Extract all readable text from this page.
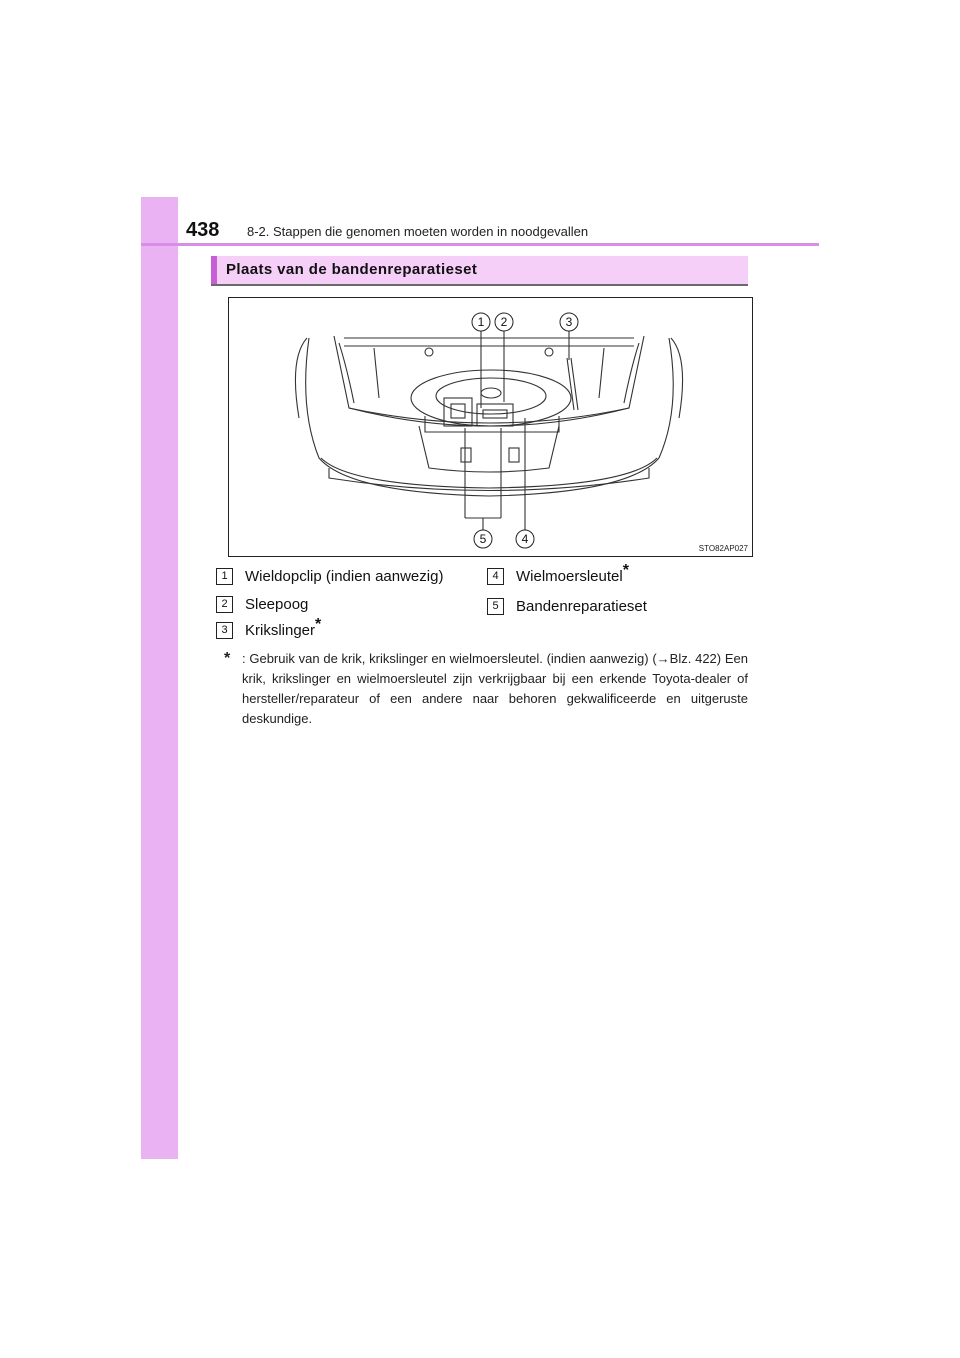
438 8-2. Stappen die genomen moeten worden in noodgevallen
Plaats van de bandenreparatieset
1 2	3
4
5
STO82AP027
1	Wieldopclip (indien aanwezig)
2	Sleepoog
3	Krikslinger*
4	Wielmoersleutel*
5	Bandenreparatieset
* : Gebruik van de krik, krikslinger en wielmoersleutel. (indien aanwezig) (→Blz. 422) Een krik, krikslinger en wielmoersleutel zijn verkrijgbaar bij een erkende Toyota-dealer of hersteller/reparateur of een andere naar behoren gekwalificeerde en uitgeruste deskundige.
